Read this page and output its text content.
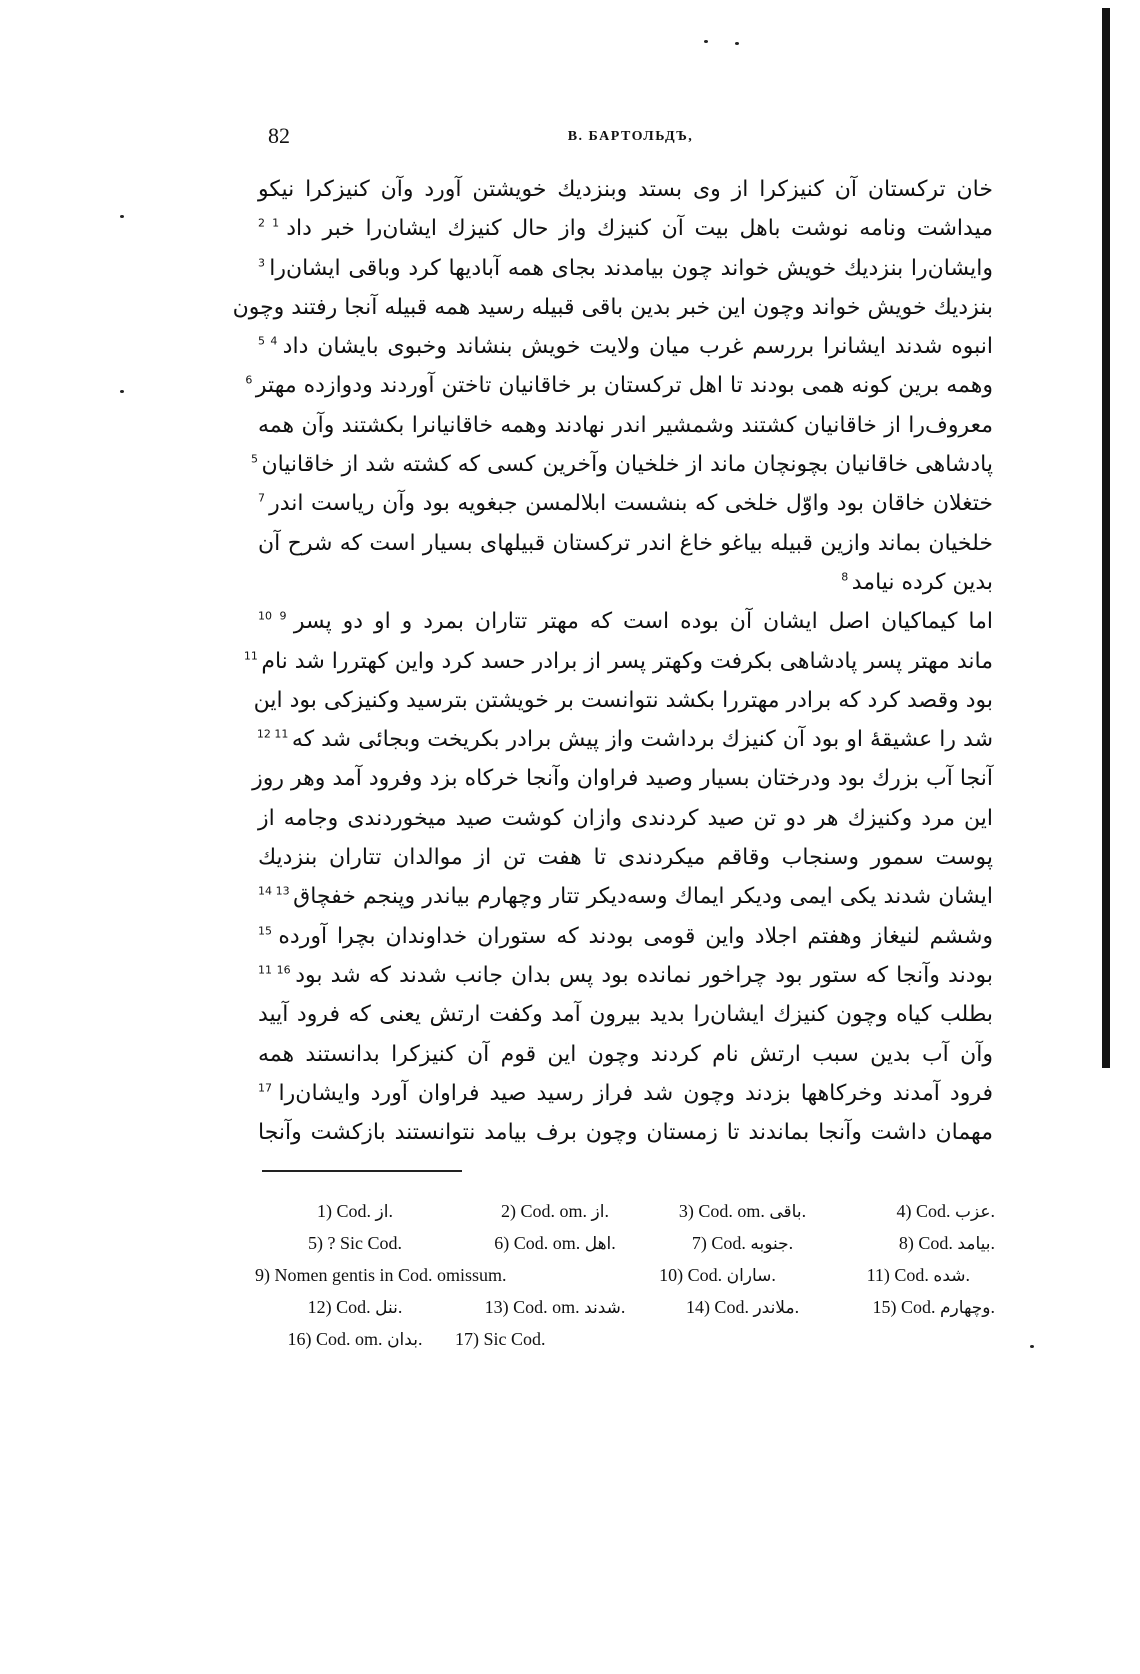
82	В. БАРТОЛЬДЪ,
خان ترکستان آن کنیزکرا از وی بستد وبنزدیك خویشتن آورد وآن کنیزکرا نیکو
میداشت ونامه نوشت باهل بیت آن کنیزك واز حال کنیزك ایشان‌را خبر داد $^{1 2}$
وایشان‌را بنزدیك خویش خواند چون بیامدند بجای همه آبادیها کرد وباقی ایشان‌را $^3$
بنزدیك خویش خواند وچون این خبر بدین باقی قبیله رسید همه قبیله آنجا رفتند وچون
انبوه شدند ایشانرا بررسم غرب میان ولایت خویش بنشاند وخبوی بایشان داد $^{4 5}$
وهمه برین کونه همی بودند تا اهل ترکستان بر خاقانیان تاختن آوردند ودوازده مهتر $^6$
معروف‌را از خاقانیان کشتند وشمشیر اندر نهادند وهمه خاقانیانرا بکشتند وآن همه
پادشاهی خاقانیان بچونچان ماند از خلخیان وآخرین کسی که کشته شد از خاقانیان $^5$
ختغلان خاقان بود واوّل خلخی که بنشست ابلالمسن جبغویه بود وآن ریاست اندر $^7$
خلخیان بماند وازین قبیله بیاغو خاغ اندر ترکستان قبیلهای بسیار است که شرح آن
بدین کرده نیامد $^8$
اما کیماکیان اصل ایشان آن بوده است که مهتر تتاران بمرد و او دو پسر $^{9 10}$
ماند مهتر پسر پادشاهی بکرفت وکهتر پسر از برادر حسد کرد واین کهتررا شد نام $^{11}$
بود وقصد کرد که برادر مهتررا بکشد نتوانست بر خویشتن بترسید وکنیزکی بود این
شد را عشیقهٔ او بود آن کنیزك برداشت واز پیش برادر بکریخت وبجائی شد که $^{11 12}$
آنجا آب بزرك بود ودرختان بسیار وصید فراوان وآنجا خرکاه بزد وفرود آمد وهر روز
این مرد وکنیزك هر دو تن صید کردندی وازان کوشت صید میخوردندی وجامه از
پوست سمور وسنجاب وقاقم میکردندی تا هفت تن از موالدان تتاران بنزدیك
ایشان شدند یکی ایمی ودیکر ایماك وسه‌دیکر تتار وچهارم بیاندر وپنجم خفچاق $^{13 14}$
وششم لنیغاز وهفتم اجلاد واین قومی بودند که ستوران خداوندان بچرا آورده $^{15}$
بودند وآنجا که ستور بود چراخور نمانده بود پس بدان جانب شدند که شد بود $^{16 11}$
بطلب کیاه وچون کنیزك ایشان‌را بدید بیرون آمد وکفت ارتش یعنی که فرود آیید
وآن آب بدین سبب ارتش نام کردند وچون این قوم آن کنیزکرا بدانستند همه
فرود آمدند وخرکاهها بزدند وچون شد فراز رسید صید فراوان آورد وایشان‌را $^{17}$
مهمان داشت وآنجا بماندند تا زمستان وچون برف بیامد نتوانستند بازکشت وآنجا
1) Cod. از.	2) Cod. om. از.	3) Cod. om. باقی.	4) Cod. عزب.
5) ? Sic Cod.	6) Cod. om. اهل.	7) Cod. جنوبه.	8) Cod. بیامد.
9) Nomen gentis in Cod. omissum.	10) Cod. ساران.	11) Cod. شده.
12) Cod. ننل.	13) Cod. om. شدند.	14) Cod. ملاندر.	15) Cod. وچهارم.
16) Cod. om. بدان.	17) Sic Cod.
